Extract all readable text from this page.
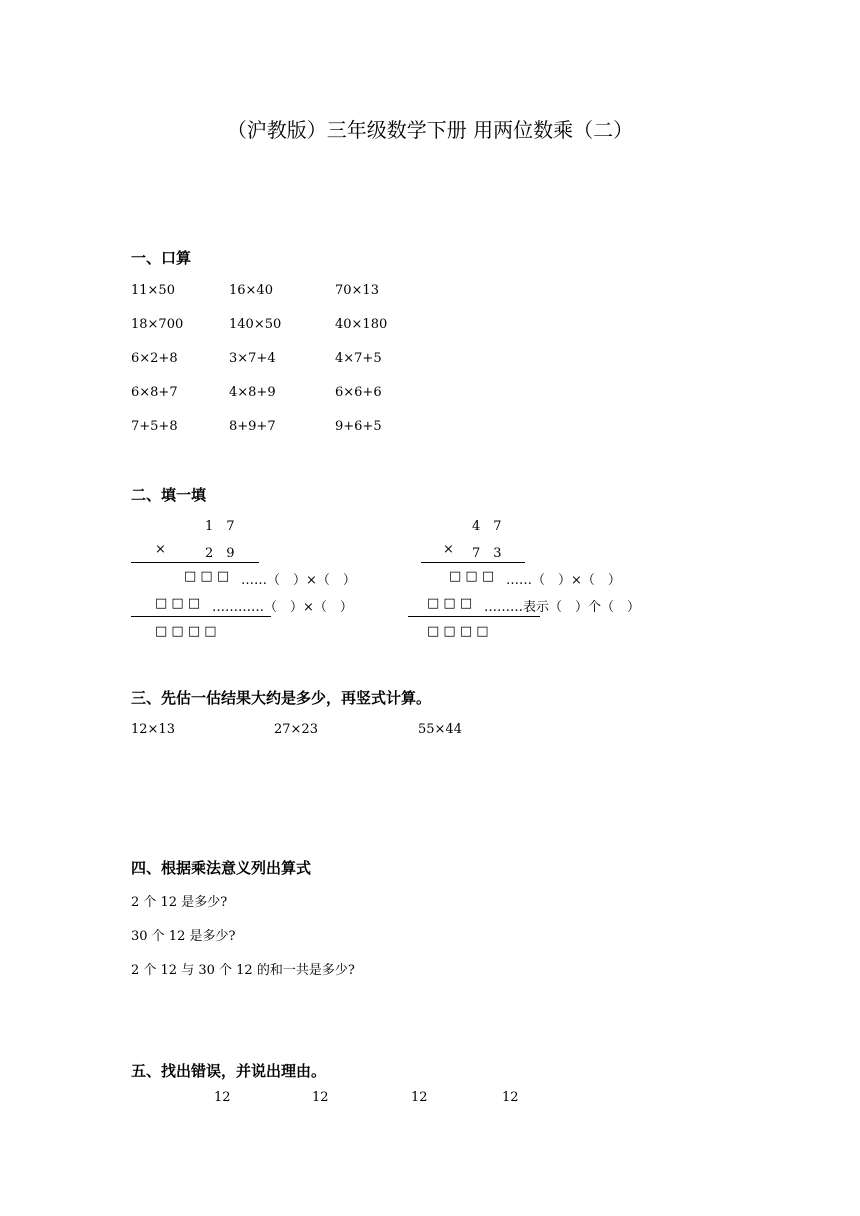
（沪教版）三年级数学下册 用两位数乘（二）
一、口算
11×50	16×40	70×13
18×700	140×50	40×180
6×2+8	3×7+4	4×7+5
6×8+7	4×8+9	6×6+6
7+5+8	8+9+7	9+6+5
二、填一填
1　7
×	2　9
□ □ □ ……（　）×（　）
□ □ □ …………（　）×（　）
□ □ □ □
4　7
× 7　3
□ □ □ ……（　）×（　）
□ □ □ ………表示（　）个（　）
□ □ □ □
三、先估一估结果大约是多少，再竖式计算。
12×13	27×23	55×44
四、根据乘法意义列出算式
2 个 12 是多少?
30 个 12 是多少?
2 个 12 与 30 个 12 的和一共是多少?
五、找出错误，并说出理由。
12	12	12	12
